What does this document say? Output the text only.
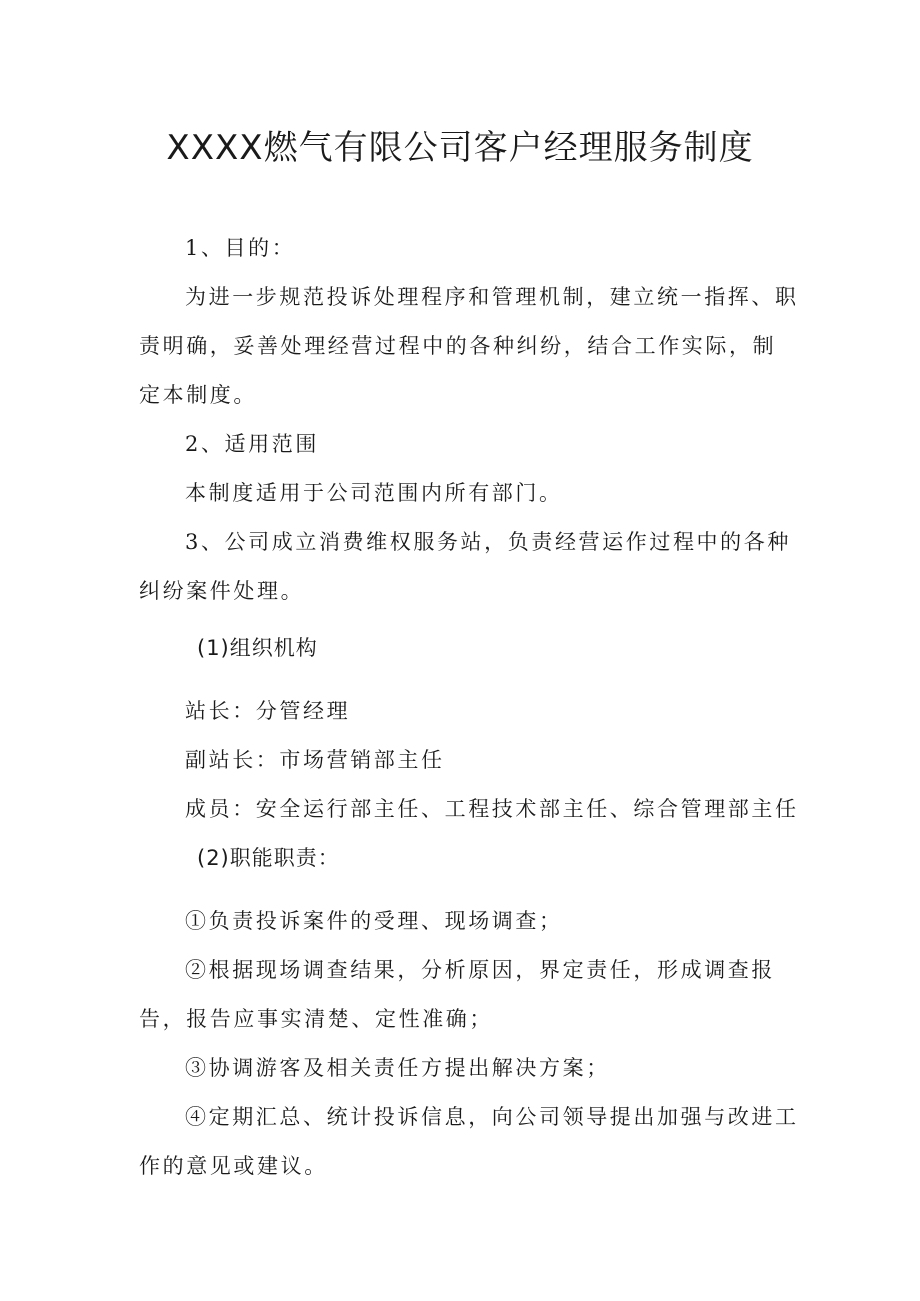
XXXX燃气有限公司客户经理服务制度

1、目的：

为进一步规范投诉处理程序和管理机制，建立统一指挥、职责明确，妥善处理经营过程中的各种纠纷，结合工作实际，制定本制度。

2、适用范围

本制度适用于公司范围内所有部门。

3、公司成立消费维权服务站，负责经营运作过程中的各种纠纷案件处理。

(1)组织机构

站长：分管经理

副站长：市场营销部主任

成员：安全运行部主任、工程技术部主任、综合管理部主任

(2)职能职责：

①负责投诉案件的受理、现场调查；

②根据现场调查结果，分析原因，界定责任，形成调查报告，报告应事实清楚、定性准确；

③协调游客及相关责任方提出解决方案；

④定期汇总、统计投诉信息，向公司领导提出加强与改进工作的意见或建议。
